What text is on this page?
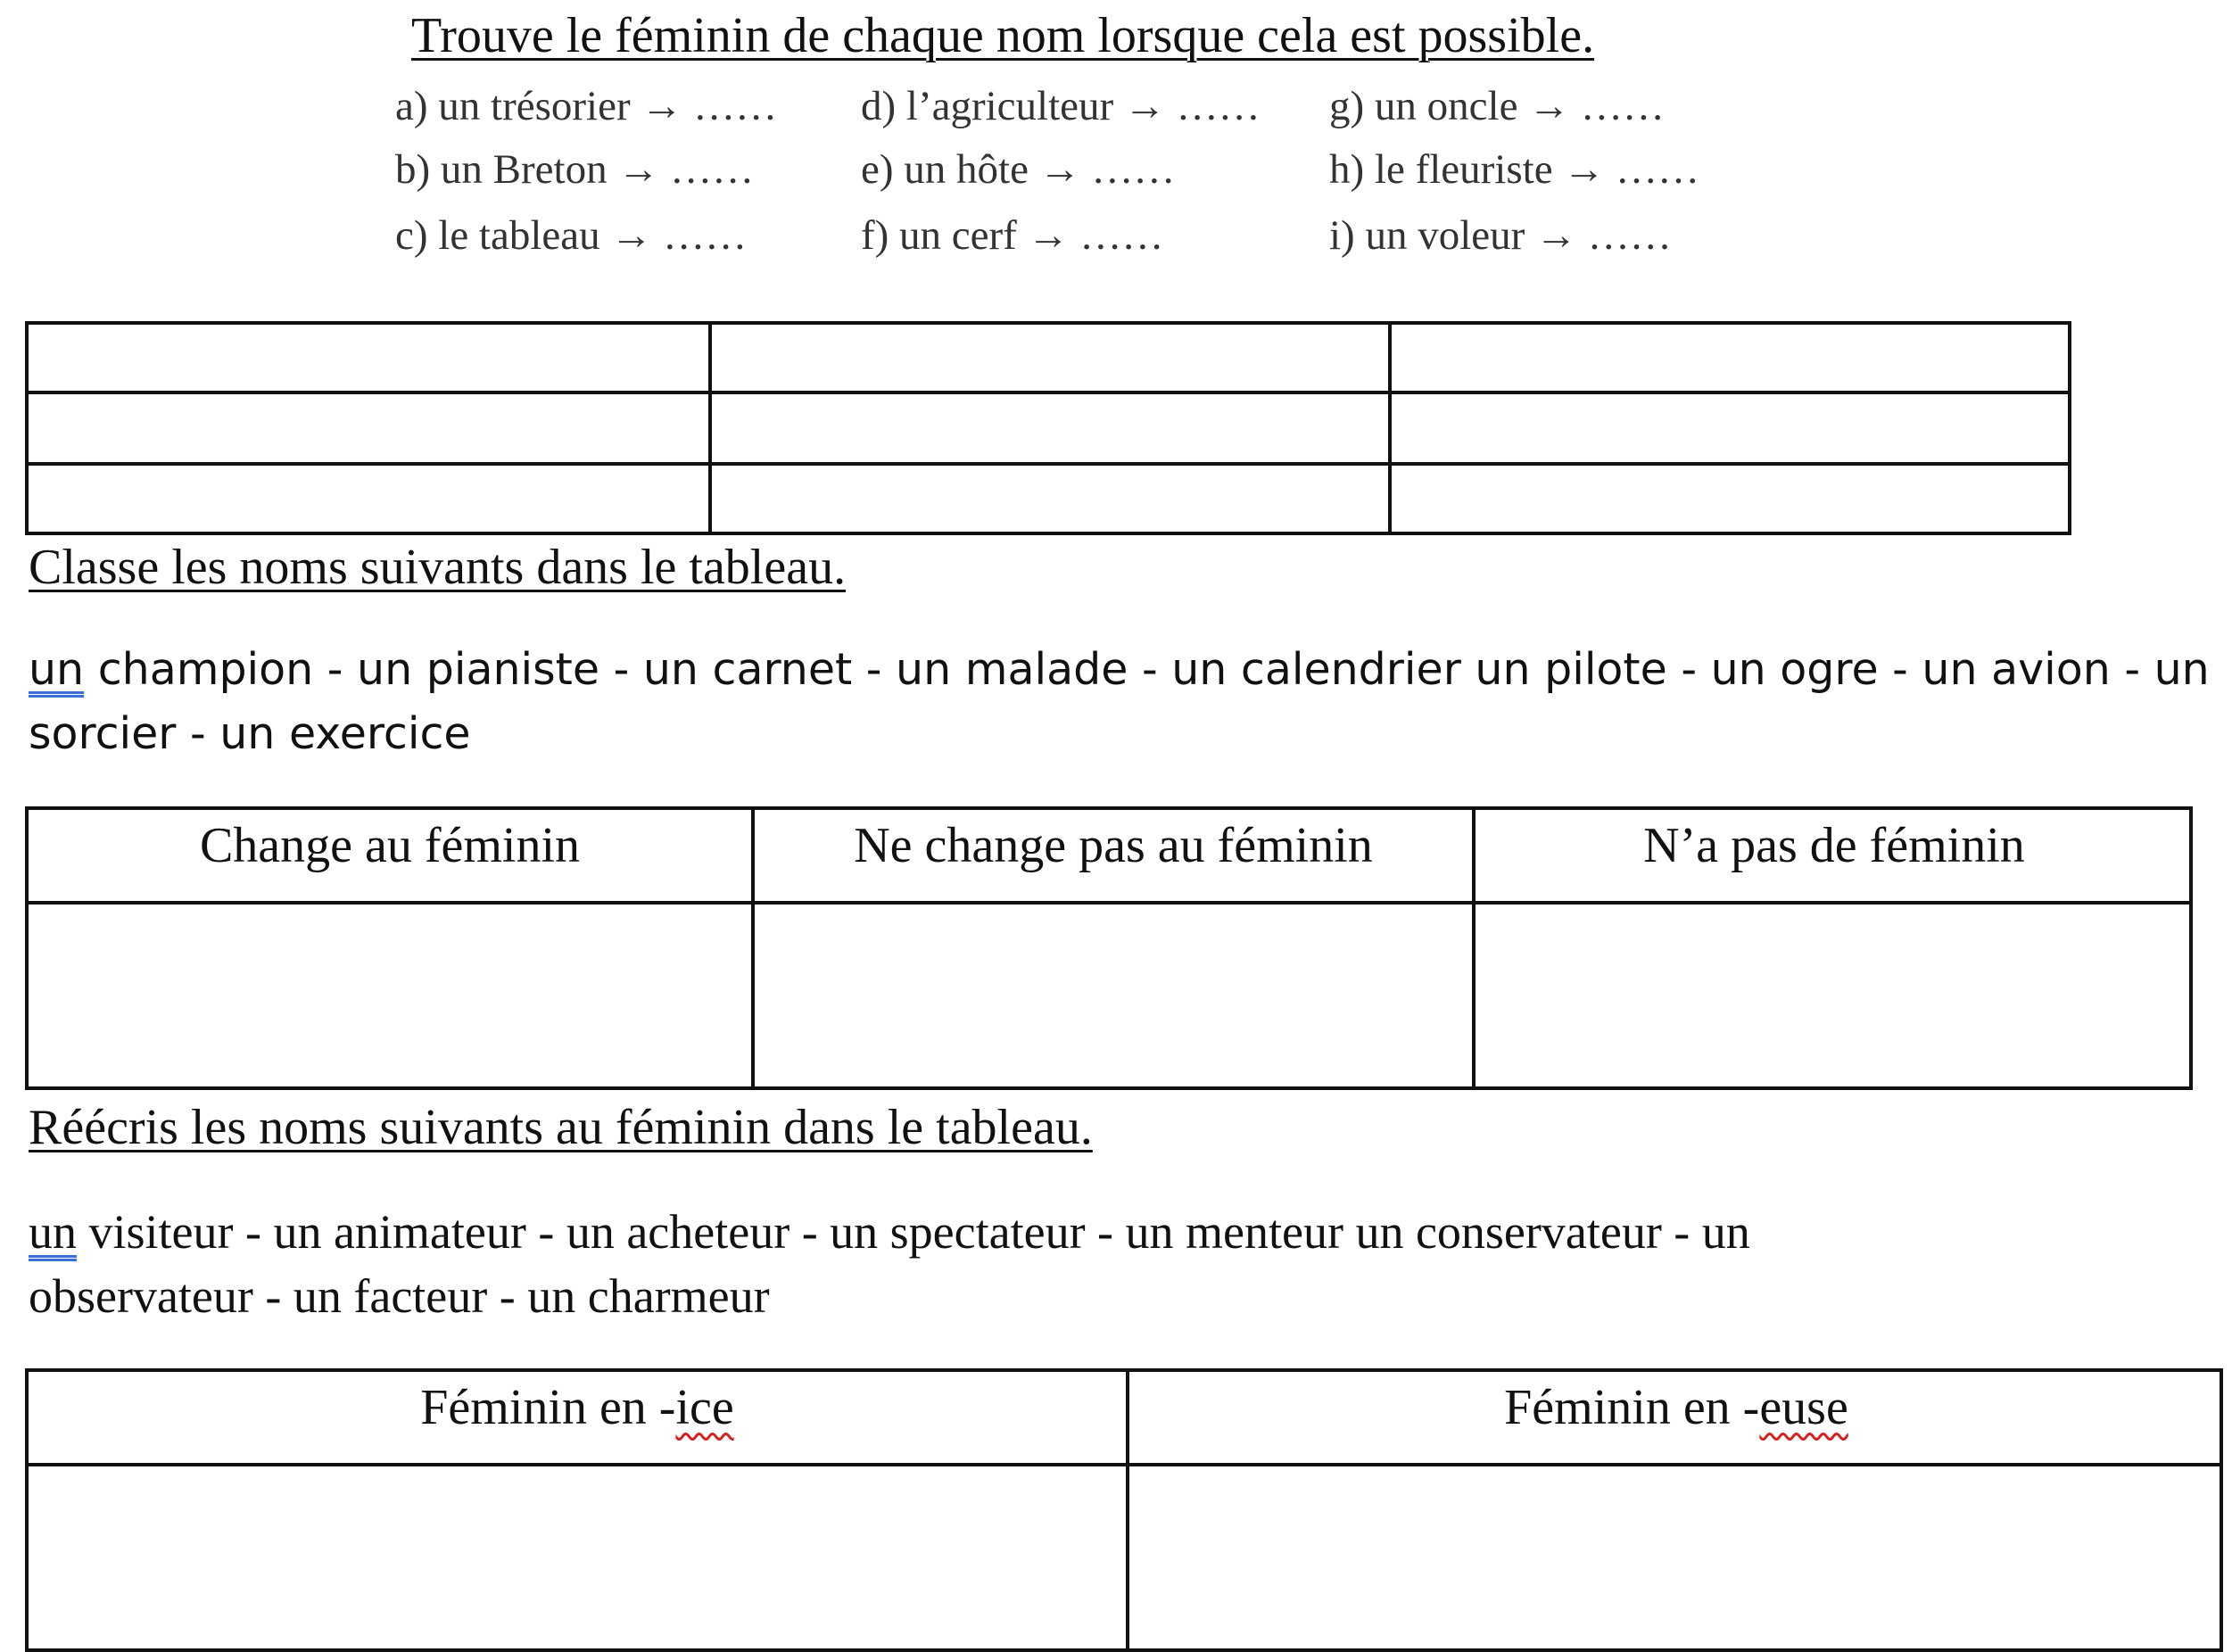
Trouve le féminin de chaque nom lorsque cela est possible.
a) un trésorier → ……
b) un Breton → ……
c) le tableau → ……
d) l’agriculteur → ……
e) un hôte → ……
f) un cerf → ……
g) un oncle → ……
h) le fleuriste → ……
i) un voleur → ……
Classe les noms suivants dans le tableau.
un champion - un pianiste - un carnet - un malade - un calendrier un pilote - un ogre - un avion - un
sorcier - un exercice
Change au féminin	Ne change pas au féminin	N’a pas de féminin
Réécris les noms suivants au féminin dans le tableau.
un visiteur - un animateur - un acheteur - un spectateur - un menteur un conservateur - un
observateur - un facteur - un charmeur
Féminin en -ice	Féminin en -euse
